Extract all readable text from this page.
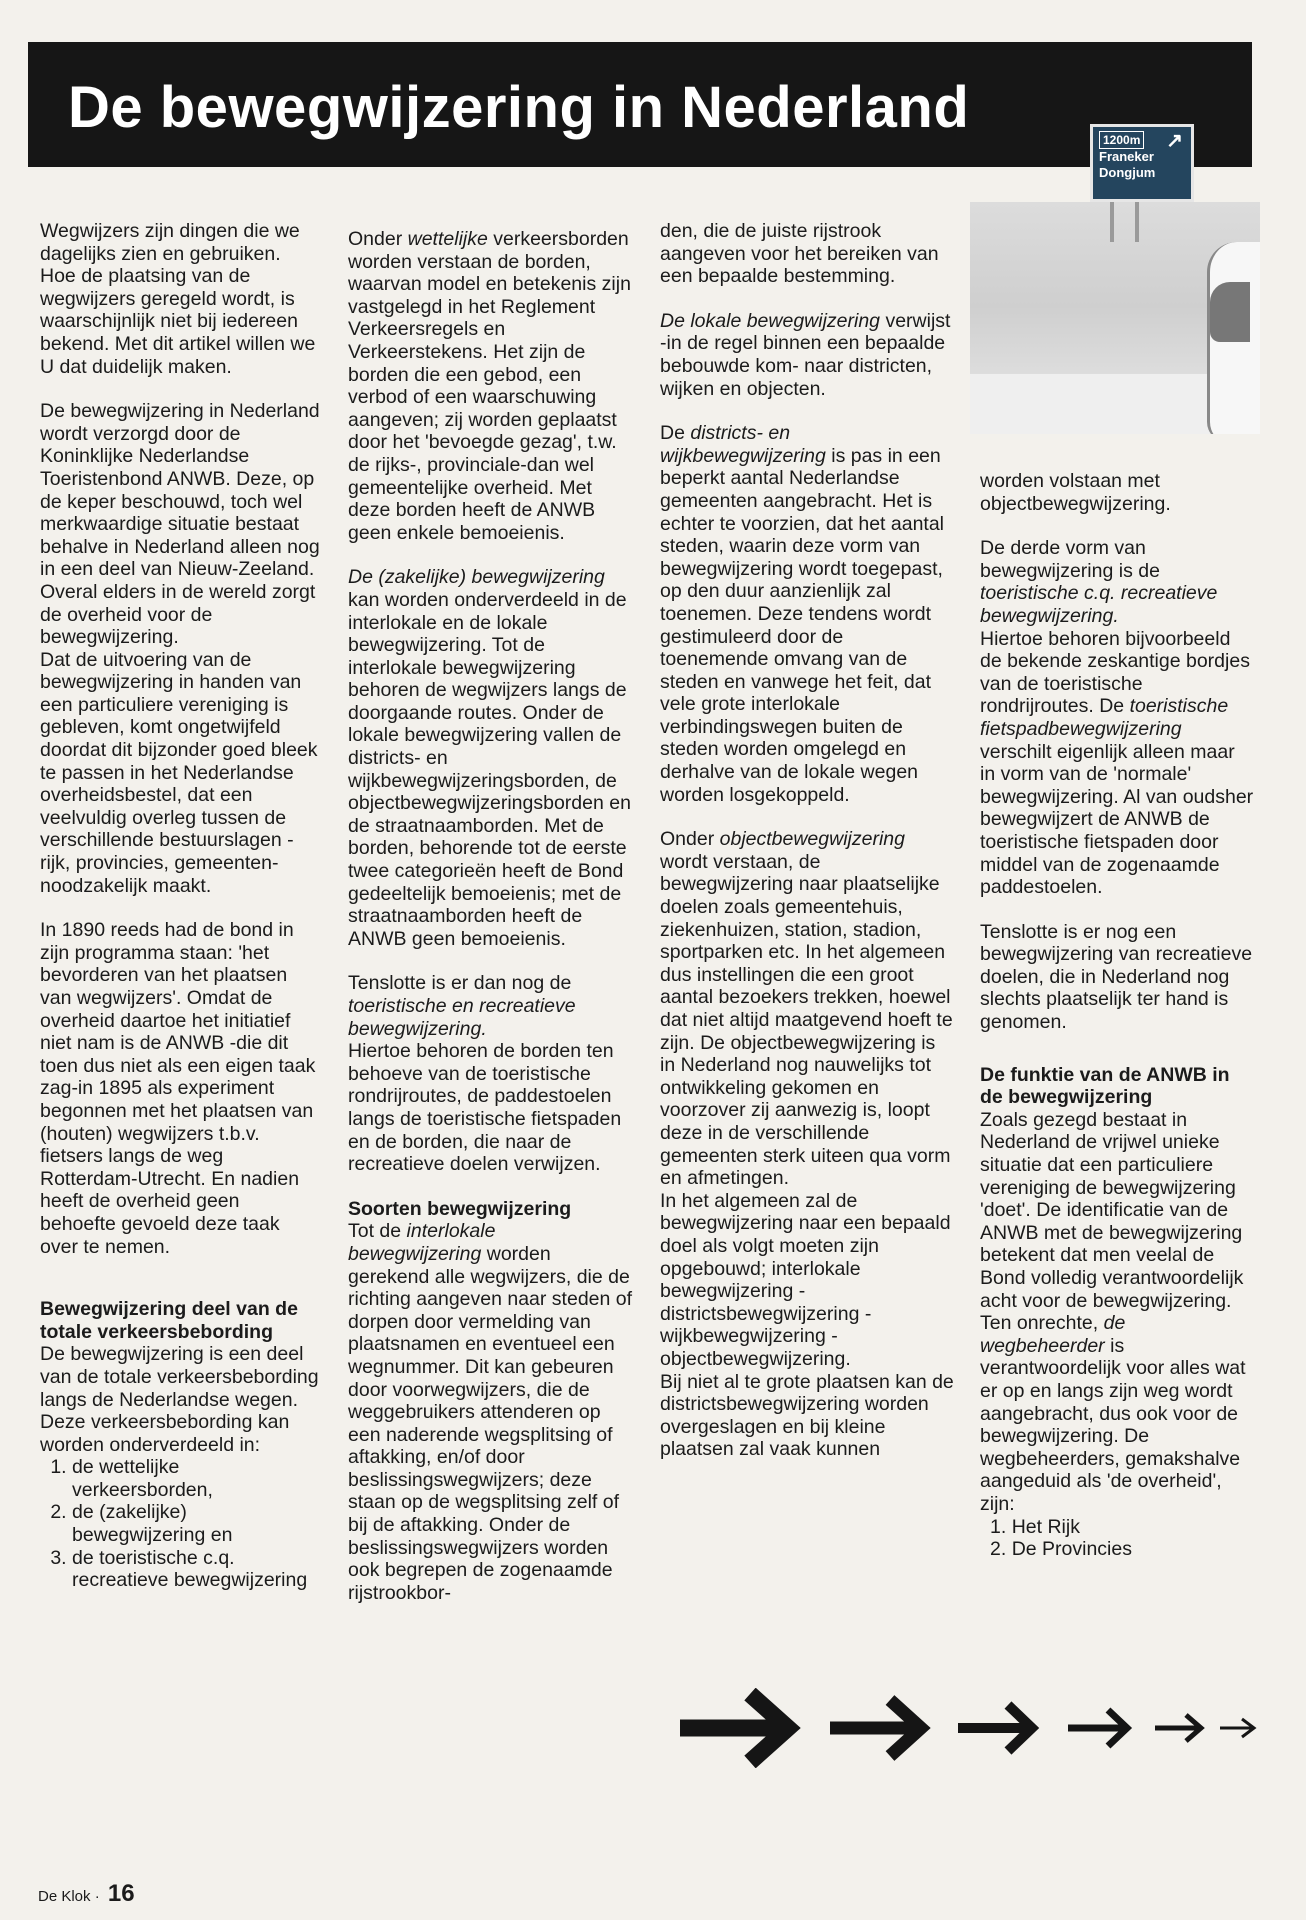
De bewegwijzering in Nederland	1200m ↗
Franeker
Dongjum

Wegwijzers zijn dingen die we dagelijks zien en gebruiken. Hoe de plaatsing van de wegwijzers geregeld wordt, is waarschijnlijk niet bij iedereen bekend. Met dit artikel willen we U dat duidelijk maken.

De bewegwijzering in Nederland wordt verzorgd door de Koninklijke Nederlandse Toeristenbond ANWB. Deze, op de keper beschouwd, toch wel merkwaardige situatie bestaat behalve in Nederland alleen nog in een deel van Nieuw-Zeeland. Overal elders in de wereld zorgt de overheid voor de bewegwijzering.

Dat de uitvoering van de bewegwijzering in handen van een particuliere vereniging is gebleven, komt ongetwijfeld doordat dit bijzonder goed bleek te passen in het Nederlandse overheidsbestel, dat een veelvuldig overleg tussen de verschillende bestuurslagen -rijk, provincies, gemeenten-noodzakelijk maakt.

In 1890 reeds had de bond in zijn programma staan: 'het bevorderen van het plaatsen van wegwijzers'. Omdat de overheid daartoe het initiatief niet nam is de ANWB -die dit toen dus niet als een eigen taak zag-in 1895 als experiment begonnen met het plaatsen van (houten) wegwijzers t.b.v. fietsers langs de weg Rotterdam-Utrecht. En nadien heeft de overheid geen behoefte gevoeld deze taak over te nemen.

Bewegwijzering deel van de totale verkeersbebording

De bewegwijzering is een deel van de totale verkeersbebording langs de Nederlandse wegen. Deze verkeersbebording kan worden onderverdeeld in:

1. de wettelijke verkeersborden,
2. de (zakelijke) bewegwijzering en
3. de toeristische c.q. recreatieve bewegwijzering

Onder wettelijke verkeersborden worden verstaan de borden, waarvan model en betekenis zijn vastgelegd in het Reglement Verkeersregels en Verkeerstekens. Het zijn de borden die een gebod, een verbod of een waarschuwing aangeven; zij worden geplaatst door het 'bevoegde gezag', t.w. de rijks-, provinciale-dan wel gemeentelijke overheid. Met deze borden heeft de ANWB geen enkele bemoeienis.

De (zakelijke) bewegwijzering kan worden onderverdeeld in de interlokale en de lokale bewegwijzering. Tot de interlokale bewegwijzering behoren de wegwijzers langs de doorgaande routes. Onder de lokale bewegwijzering vallen de districts- en wijkbewegwijzeringsborden, de objectbewegwijzeringsborden en de straatnaamborden. Met de borden, behorende tot de eerste twee categorieën heeft de Bond gedeeltelijk bemoeienis; met de straatnaamborden heeft de ANWB geen bemoeienis.

Tenslotte is er dan nog de toeristische en recreatieve bewegwijzering.
Hiertoe behoren de borden ten behoeve van de toeristische rondrijroutes, de paddestoelen langs de toeristische fietspaden en de borden, die naar de recreatieve doelen verwijzen.

Soorten bewegwijzering

Tot de interlokale bewegwijzering worden gerekend alle wegwijzers, die de richting aangeven naar steden of dorpen door vermelding van plaatsnamen en eventueel een wegnummer. Dit kan gebeuren door voorwegwijzers, die de weggebruikers attenderen op een naderende wegsplitsing of aftakking, en/of door beslissingswegwijzers; deze staan op de wegsplitsing zelf of bij de aftakking. Onder de beslissingswegwijzers worden ook begrepen de zogenaamde rijstrookbor-

den, die de juiste rijstrook aangeven voor het bereiken van een bepaalde bestemming.

De lokale bewegwijzering verwijst -in de regel binnen een bepaalde bebouwde kom- naar districten, wijken en objecten.

De districts- en wijkbewegwijzering is pas in een beperkt aantal Nederlandse gemeenten aangebracht. Het is echter te voorzien, dat het aantal steden, waarin deze vorm van bewegwijzering wordt toegepast, op den duur aanzienlijk zal toenemen. Deze tendens wordt gestimuleerd door de toenemende omvang van de steden en vanwege het feit, dat vele grote interlokale verbindingswegen buiten de steden worden omgelegd en derhalve van de lokale wegen worden losgekoppeld.

Onder objectbewegwijzering wordt verstaan, de bewegwijzering naar plaatselijke doelen zoals gemeentehuis, ziekenhuizen, station, stadion, sportparken etc. In het algemeen dus instellingen die een groot aantal bezoekers trekken, hoewel dat niet altijd maatgevend hoeft te zijn. De objectbewegwijzering is in Nederland nog nauwelijks tot ontwikkeling gekomen en voorzover zij aanwezig is, loopt deze in de verschillende gemeenten sterk uiteen qua vorm en afmetingen.

In het algemeen zal de bewegwijzering naar een bepaald doel als volgt moeten zijn opgebouwd; interlokale bewegwijzering - districtsbewegwijzering - wijkbewegwijzering - objectbewegwijzering.

Bij niet al te grote plaatsen kan de districtsbewegwijzering worden overgeslagen en bij kleine plaatsen zal vaak kunnen

worden volstaan met objectbewegwijzering.

De derde vorm van bewegwijzering is de toeristische c.q. recreatieve bewegwijzering.
Hiertoe behoren bijvoorbeeld de bekende zeskantige bordjes van de toeristische rondrijroutes. De toeristische fietspadbewegwijzering verschilt eigenlijk alleen maar in vorm van de 'normale' bewegwijzering. Al van oudsher bewegwijzert de ANWB de toeristische fietspaden door middel van de zogenaamde paddestoelen.

Tenslotte is er nog een bewegwijzering van recreatieve doelen, die in Nederland nog slechts plaatselijk ter hand is genomen.

De funktie van de ANWB in de bewegwijzering

Zoals gezegd bestaat in Nederland de vrijwel unieke situatie dat een particuliere vereniging de bewegwijzering 'doet'. De identificatie van de ANWB met de bewegwijzering betekent dat men veelal de Bond volledig verantwoordelijk acht voor de bewegwijzering. Ten onrechte, de wegbeheerder is verantwoordelijk voor alles wat er op en langs zijn weg wordt aangebracht, dus ook voor de bewegwijzering. De wegbeheerders, gemakshalve aangeduid als 'de overheid', zijn:

1. Het Rijk
2. De Provincies
De Klok · 16
